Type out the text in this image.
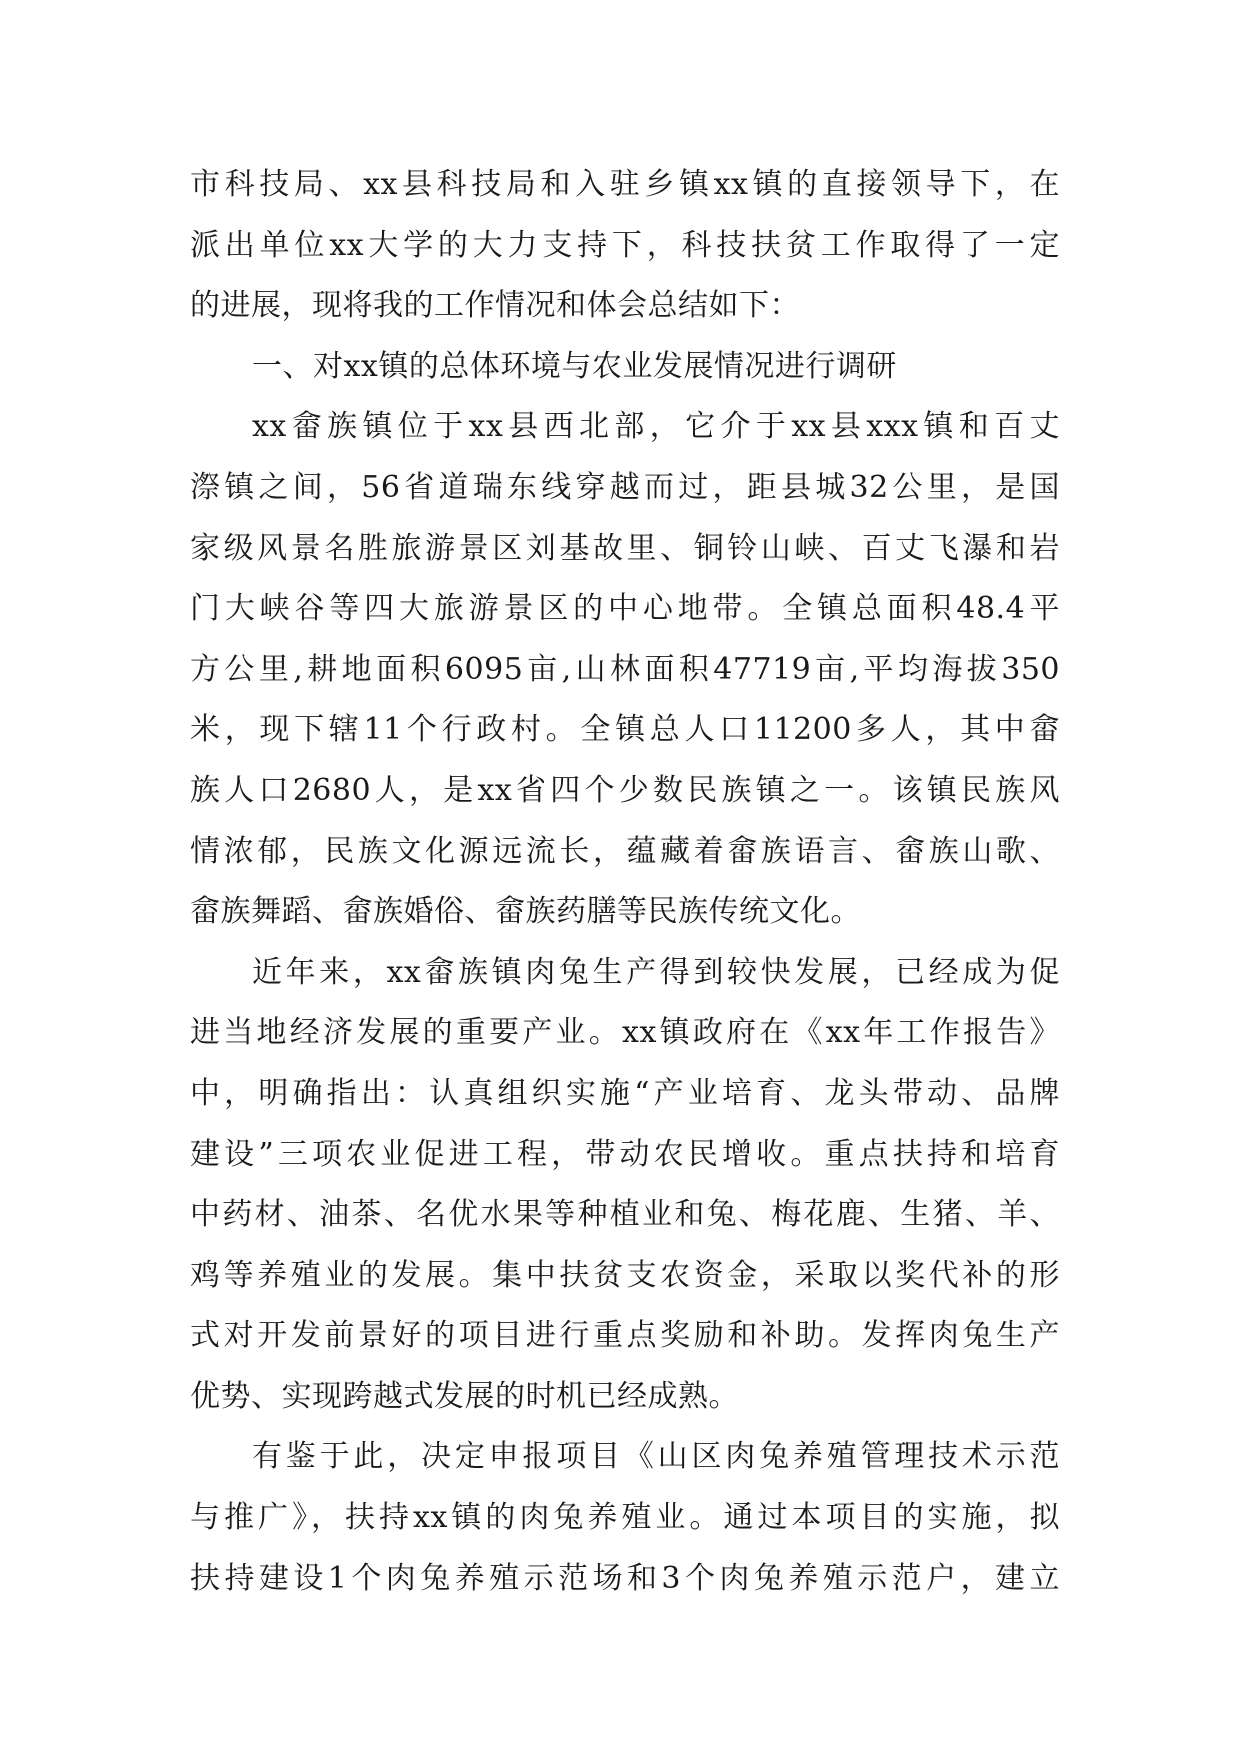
市科技局、xx县科技局和入驻乡镇xx镇的直接领导下，在
派出单位xx大学的大力支持下，科技扶贫工作取得了一定
的进展，现将我的工作情况和体会总结如下：
一、对xx镇的总体环境与农业发展情况进行调研
xx畲族镇位于xx县西北部，它介于xx县xxx镇和百丈
漈镇之间，56省道瑞东线穿越而过，距县城32公里，是国
家级风景名胜旅游景区刘基故里、铜铃山峡、百丈飞瀑和岩
门大峡谷等四大旅游景区的中心地带。全镇总面积48.4平
方公里,耕地面积6095亩,山林面积47719亩,平均海拔350
米，现下辖11个行政村。全镇总人口11200多人，其中畲
族人口2680人，是xx省四个少数民族镇之一。该镇民族风
情浓郁，民族文化源远流长，蕴藏着畲族语言、畲族山歌、
畲族舞蹈、畲族婚俗、畲族药膳等民族传统文化。
近年来，xx畲族镇肉兔生产得到较快发展，已经成为促
进当地经济发展的重要产业。xx镇政府在《xx年工作报告》
中，明确指出：认真组织实施“产业培育、龙头带动、品牌
建设”三项农业促进工程，带动农民增收。重点扶持和培育
中药材、油茶、名优水果等种植业和兔、梅花鹿、生猪、羊、
鸡等养殖业的发展。集中扶贫支农资金，采取以奖代补的形
式对开发前景好的项目进行重点奖励和补助。发挥肉兔生产
优势、实现跨越式发展的时机已经成熟。
有鉴于此，决定申报项目《山区肉兔养殖管理技术示范
与推广》，扶持xx镇的肉兔养殖业。通过本项目的实施，拟
扶持建设1个肉兔养殖示范场和3个肉兔养殖示范户，建立
